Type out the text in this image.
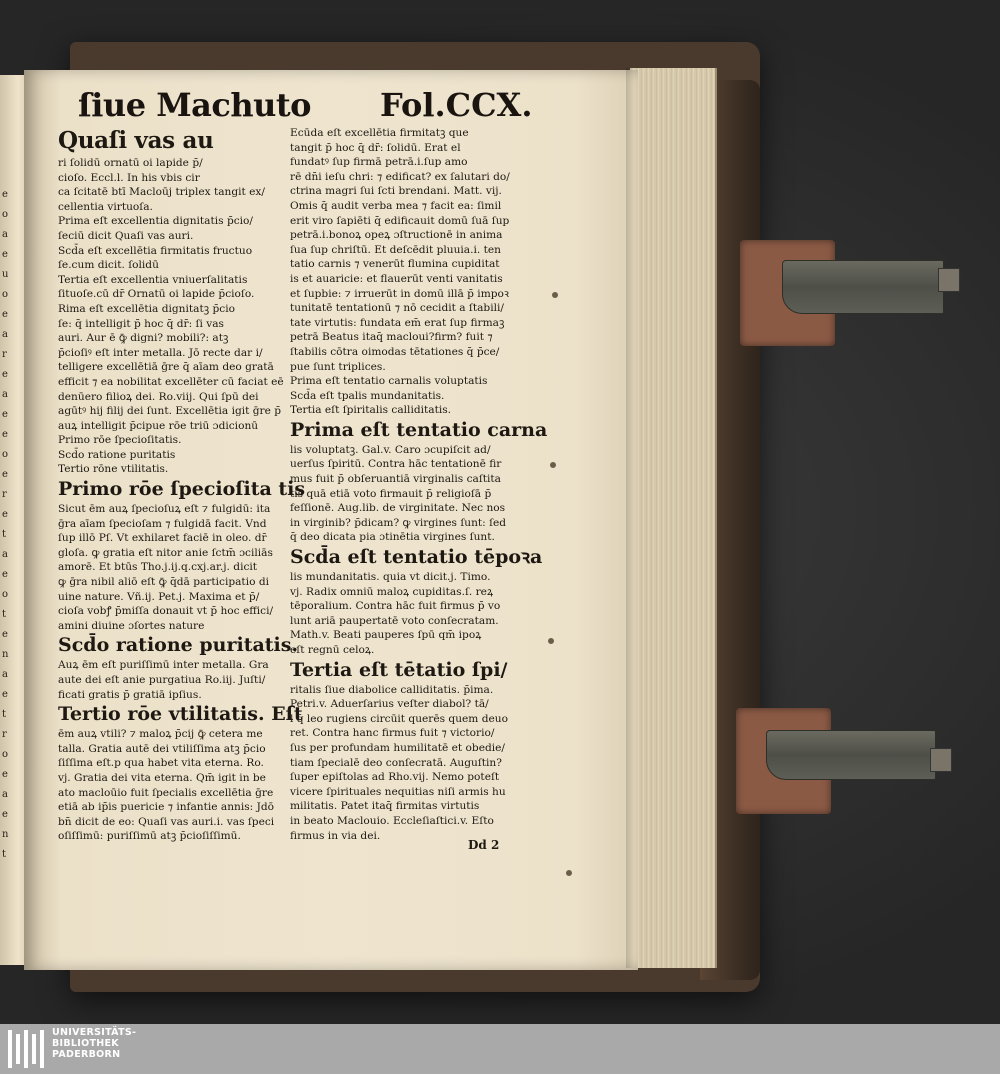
e
o
a
e
u
o
e
a
r
e
a
e
e
o
e
r
e
t
a
e
o
t
e
n
a
e
t
r
o
e
a
e
n
t
ſiue Machuto Fol.CCX.

Quaſi vas au

ri ſolidū ornatū oi lapide p̄/

cioſo. Eccl.l. In his vbis cir

ca ſcitatē btī Macloūj triplex tangit ex/

cellentia virtuoſa.

Prima eſt excellentia dignitatis p̄cio/

ſeciū dicit Quaſi vas auri.

Scd̄a eſt excellētia firmitatis fructuo

ſe.cum dicit. ſolidū

Tertia eſt excellentia vniuerſalitatis

ſituoſe.cū dr̄ Ornatū oi lapide p̄cioſo.

Rima eſt excellētia dignitatꝫ p̄cio

ſe: q̄ intelligit p̄ hoc q̄ dr̄: ſi vas

auri. Aur ē ꝙ̄ digni? mobili?: atꝫ

p̄cioſiꝰ eſt inter metalla. Jō recte dar i/

telligere excellētiā ḡre q̄ aīam deo gratā

efficit ⁊ ea nobilitat excellēter cū faciat eē

denūero filioꝝ dei. Ro.viij. Qui ſpū dei

agūtꝰ hij filij dei ſunt. Excellētia igit ḡre p̄

auꝝ intelligit p̄cipue rōe triū ɔdicionū

Primo rōe ſpecioſitatis.

Scd̄o ratione puritatis

Tertio rōne vtilitatis.

Primo rōe ſpecioſita tis

Sicut ēm auꝝ ſpecioſuꝝ eſt ⁊ fulgidū: ita

ḡra aīam ſpecioſam ⁊ fulgidā facit. Vnd

ſup illō Pſ. Vt exhilaret faciē in oleo. dr̄

gloſa. ꝙ gratia eſt nitor anie ſctm̄ ɔciliās

amorē. Et btūs Tho.j.ij.q.cxj.ar.j. dicit

ꝙ ḡra nibil aliō eſt ꝙ̄ q̄dā participatio di

uine nature. Vñ.ij. Pet.j. Maxima et p̄/

cioſa vobꝭ p̄miſſa donauit vt p̄ hoc effici/

amini diuine ɔſortes nature

Scd̄o ratione puritatis.

Auꝝ ēm eſt puriſſimū inter metalla. Gra

aute dei eſt anie purgatiua Ro.iij. Juſti/

ficati gratis p̄ gratiā ipſius.

Tertio rōe vtilitatis. Eſt

ēm auꝝ vtili? ⁊ maloꝝ p̄cij ꝙ̄ cetera me

talla. Gratia autē dei vtiliſſima atꝫ p̄cio

ſiſſima eſt.p qua habet vita eterna. Ro.

vj. Gratia dei vita eterna. Qm̄ igit in be

ato macloūio fuit ſpecialis excellētia ḡre

etiā ab ip̄is puericie ⁊ infantie annis: Jdō

bn̄ dicit de eo: Quaſi vas auri.i. vas ſpeci

oſiſſimū: puriſſimū atꝫ p̄cioſiſſimū.

Ecūda eſt excellētia firmitatꝫ que

tangit p̄ hoc q̄ dr̄: ſolidū. Erat el

fundatꝰ ſup firmā petrā.i.ſup amo

rē dn̄i ieſu chri: ⁊ edificat? ex ſalutari do/

ctrina magri ſui ſcti brendani. Matt. vij.

Omis q̄ audit verba mea ⁊ facit ea: ſimil

erit viro ſapiēti q̄ edificauit domū ſuā ſup

petrā.i.bonoꝝ opeꝝ ɔſtructionē in anima

ſua ſup chriſtū. Et deſcēdit pluuia.i. ten

tatio carnis ⁊ venerūt flumina cupiditat

is et auaricie: et flauerūt venti vanitatis

et ſupbie: ⁊ irruerūt in domū illā p̄ impoꝛ

tunitatē tentationū ⁊ nō cecidit a ſtabili/

tate virtutis: fundata em̄ erat ſup firmaꝫ

petrā Beatus itaq̄ macloui?firm? fuit ⁊

ſtabilis cōtra oimodas tētationes q̄ p̄ce/

pue ſunt triplices.

Prima eſt tentatio carnalis voluptatis

Scd̄a eſt tpalis mundanitatis.

Tertia eſt ſpiritalis calliditatis.

Prima eſt tentatio carna

lis voluptatꝫ. Gal.v. Caro ɔcupiſcit ad/

uerſus ſpiritū. Contra hāc tentationē fir

mus fuit p̄ obſeruantiā virginalis caſtita

tis quā etiā voto firmauit p̄ religioſā p̄

feſſionē. Aug.lib. de virginitate. Nec nos

in virginib? p̄dicam? ꝙ virgines ſunt: ſed

q̄ deo dicata pia ɔtinētia virgines ſunt.

Scd̄a eſt tentatio tēpoꝛa

lis mundanitatis. quia vt dicit.j. Timo.

vj. Radix omniū maloꝝ cupiditas.ſ. reꝝ

tēporalium. Contra hāc fuit firmus p̄ vo

lunt ariā paupertatē voto conſecratam.

Math.v. Beati pauperes ſpū qm̄ ipoꝝ

eſt regnū celoꝝ.

Tertia eſt tētatio ſpi/

ritalis ſiue diabolice calliditatis. p̄ima.

Petri.v. Aduerſarius veſter diabol? tā/

l q̄ leo rugiens circūit querēs quem deuo

ret. Contra hanc firmus fuit ⁊ victorio/

ſus per profundam humilitatē et obedie/

tiam ſpecialē deo conſecratā. Auguſtin?

ſuper epiſtolas ad Rho.vij. Nemo poteſt

vicere ſpirituales nequitias niſi armis hu

militatis. Patet itaq̄ firmitas virtutis

in beato Maclouio. Eccleſiaſtici.v. Eſto

firmus in via dei.

Dd 2
UNIVERSITÄTS-
BIBLIOTHEK
PADERBORN
